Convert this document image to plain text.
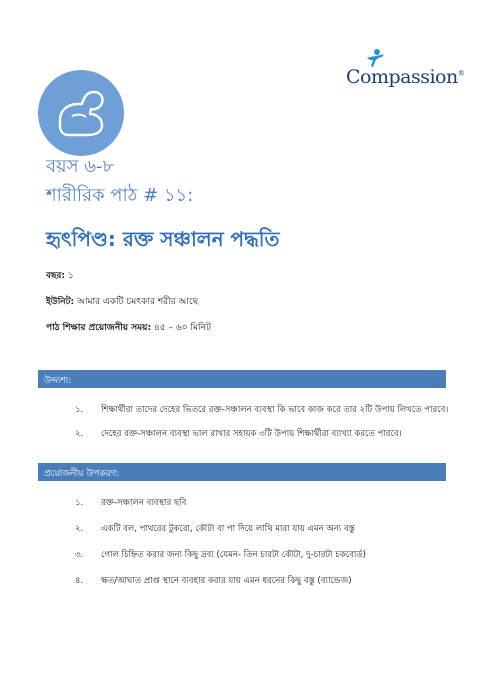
Compassion®
বয়স ৬-৮
শারীরিক পাঠ # ১১:
হৃৎপিণ্ড: রক্ত সঞ্চালন পদ্ধতি
বছর: ১
ইউনিট: আমার একটি চমৎকার শরীর আছে
পাঠ শিক্ষার প্রয়োজনীয় সময়: ৪৫ – ৬০ মিনিট
উদ্দ্যশ্য:
১. শিক্ষার্থীরা তাদের দেহের ভিতরে রক্ত-সঞ্চালন ব্যবস্থা কি ভাবে কাজ করে তার ২টি উপায় লিখতে পারবে।
২. দেহের রক্ত-সঞ্চালন ব্যবস্থা ভাল রাখার সহায়ক ৩টি উপায় শিক্ষার্থীরা ব্যাখ্যা করতে পারবে।
প্রয়োজনীয় উপকরণ:
১. রক্ত-সঞ্চালন ব্যবস্থার ছবি
২. একটি বল, পাথরের টুকরো, কৌটা বা পা দিয়ে লাথি মারা যায় এমন অন্য বস্তু
৩. গোল চিহ্নিত করার জন্য কিছু দ্রব্য (যেমন- তিন চারটা কৌটা, দু-চারটা চকবোর্ড)
৪. ক্ষত/আঘাত প্রাপ্ত স্থানে ব্যবহার করার যায় এমন ধরনের কিছু বস্তু (ব্যান্ডেজ)
